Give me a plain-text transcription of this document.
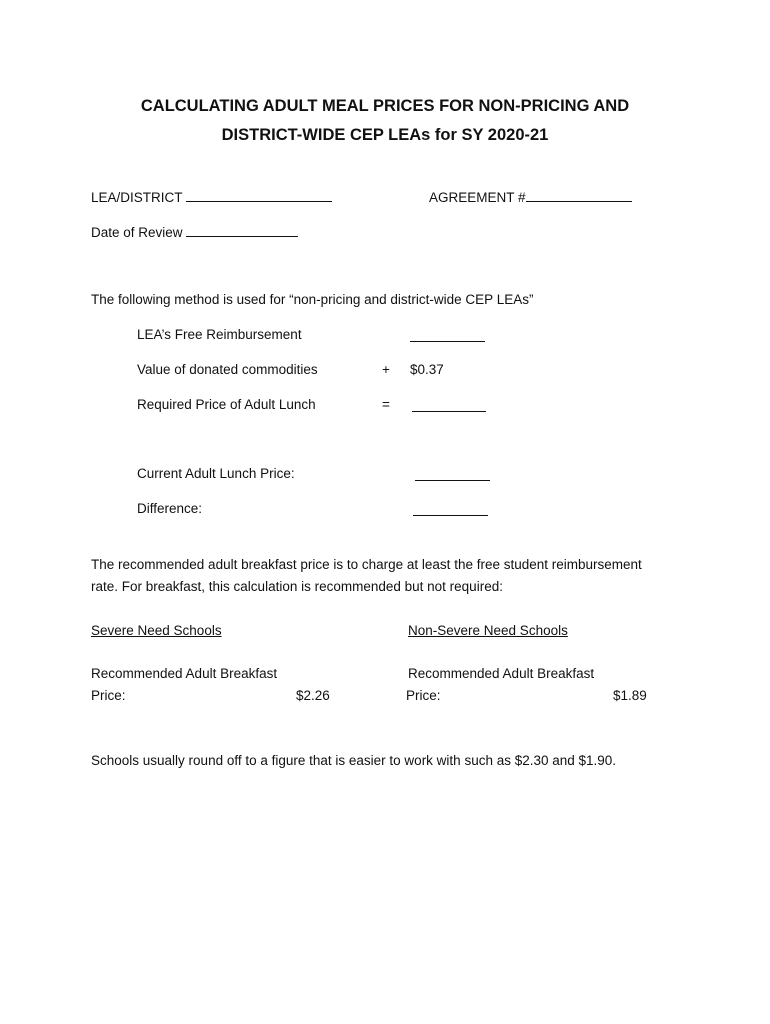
CALCULATING ADULT MEAL PRICES FOR NON-PRICING AND
DISTRICT-WIDE CEP LEAs for SY 2020-21
LEA/DISTRICT	AGREEMENT #
Date of Review
The following method is used for “non-pricing and district-wide CEP LEAs”
LEA’s Free Reimbursement
Value of donated commodities	+ $0.37
Required Price of Adult Lunch	=
Current Adult Lunch Price:
Difference:
The recommended adult breakfast price is to charge at least the free student reimbursement
rate. For breakfast, this calculation is recommended but not required:
Severe Need Schools	Non-Severe Need Schools
Recommended Adult Breakfast
Price:	$2.26
Recommended Adult Breakfast
Price:	$1.89
Schools usually round off to a figure that is easier to work with such as $2.30 and $1.90.
